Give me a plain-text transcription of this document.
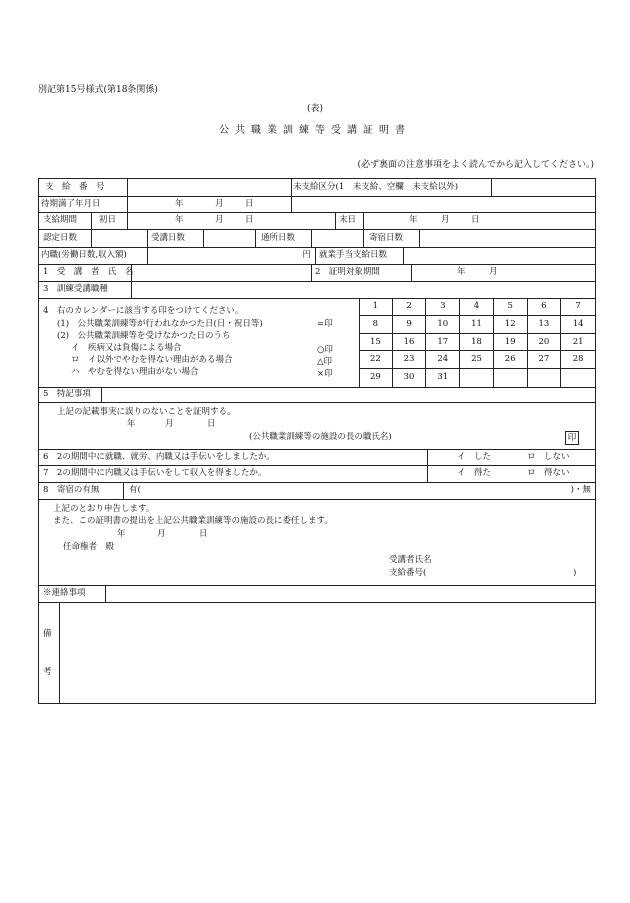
別記第15号様式(第18条関係)
(表)
公共職業訓練等受講証明書
(必ず裏面の注意事項をよく読んでから記入してください。)
支　給　番　号	未支給区分(1　未支給、空欄　未支給以外)
待期満了年月日	年	月	日
支給期間	初日	年	月	日	末日	年	月	日
認定日数	受講日数	通所日数	寄宿日数
内職(労働日数,収入額)	円 就業手当支給日数
1　受　講　者　氏　名	2　証明対象期間	年	月
3　訓練受講職種
4　右のカレンダーに該当する印をつけてください。
(1)　公共職業訓練等が行われなかつた日(日・祝日等)	=印
(2)　公共職業訓練等を受けなかつた日のうち
イ　疾病又は負傷による場合	○印
ロ　イ以外でやむを得ない理由がある場合	△印
ハ　やむを得ない理由がない場合	×印
1	2	3	4	5	6	7
8	9	10	11	12	13	14
15	16	17	18	19	20	21
22	23	24	25	26	27	28
29	30	31
5　特記事項
上記の記載事実に誤りのないことを証明する。
年	月	日
(公共職業訓練等の施設の長の職氏名)	印
6　2の期間中に就職、就労、内職又は手伝いをしましたか。	イ　した	ロ　しない
7　2の期間中に内職又は手伝いをして収入を得ましたか。	イ　得た	ロ　得ない
8　寄宿の有無	有(	)・無
上記のとおり申告します。
また、この証明書の提出を上記公共職業訓練等の施設の長に委任します。
年	月	日
任命権者　殿
受講者氏名
支給番号(	)
※連絡事項
備
考
